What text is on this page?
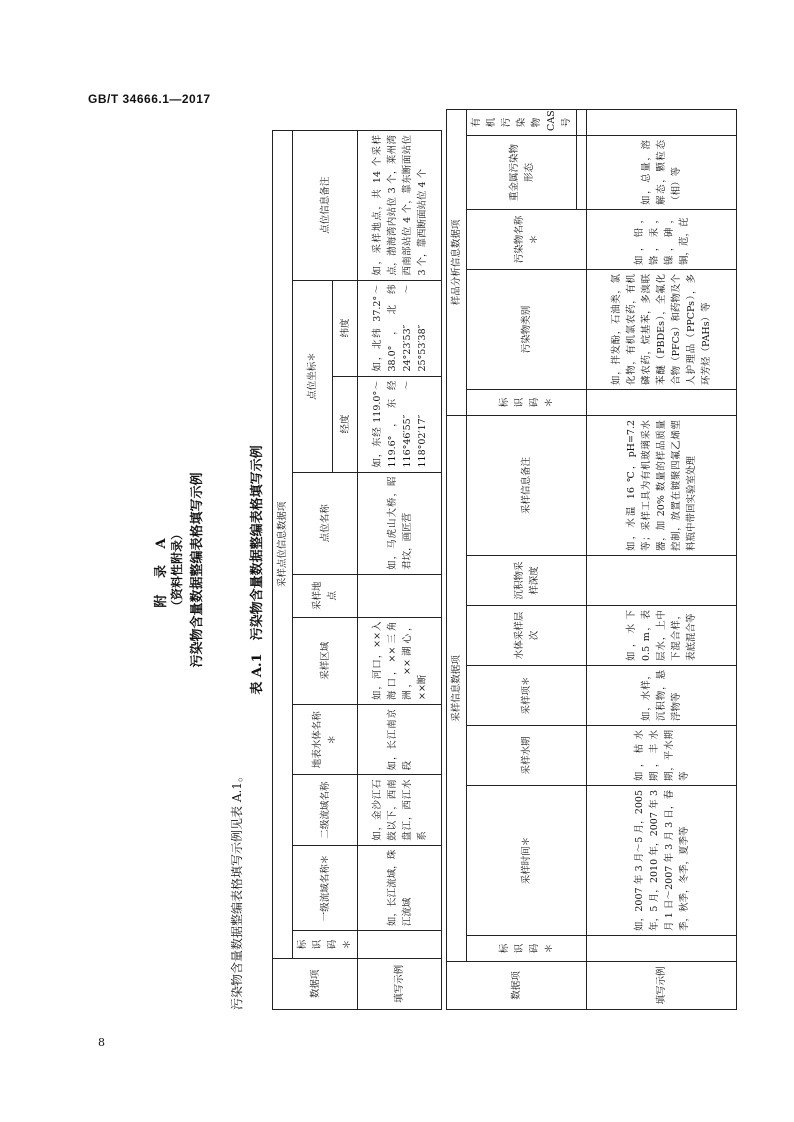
GB/T 34666.1—2017
附 录 A （资料性附录） 污染物含量数据整编表格填写示例
污染物含量数据整编表格填写示例见表 A.1。
表 A.1　污染物含量数据整编表格填写示例
数据项	采样点位信息数据项									
	标识码＊	一级流域名称＊	二级流域名称	地表水体名称＊	采样区域	采样地点	点位名称	点位坐标＊		点位信息备注

								经度	纬度	
填写示例		如，长江流域，珠江流域	如，金沙江石鼓以下，西南盘江，西江水系	如，长江南京段	如，河口，××入海口，××三角洲，××湖心，××断		如，马虎山大桥，昭君坟，画匠营	如，东经 119.0°～119.6°，东经 116°46′55″～118°02′17″	如，北纬 37.2°～38.0°，北纬 24°23′53″～25°53′38″	如，采样地点，共 14 个采样点，渤海湾内站位 3 个，莱州湾西南部站位 4 个，靠东断面站位 3 个，靠西断面站位 4 个
数据项	采样信息数据项							样品分析信息数据项				
	标识码＊	采样时间＊	采样水期	采样项＊	水体采样层次	沉积物采样深度	采样信息备注	标识码＊	污染物类别	污染物名称＊	重金属污染物形态	有机污染物 CAS 号

填写示例		如，2007 年 3 月～5 月，2005 年，5 月，2010 年，2007 年 3 月 1 日～2007 年 3 月 3 日，春季，秋季，冬季，夏季等	如，枯水期，丰水期，平水期等	如，水样，沉积物，悬浮物等	如，水下 0.5 m，表层水，上中下混合样，表底混合等		如，水温 16 ℃，pH=7.2 等；采样工具为有机玻璃采水器，加 20% 数量的样品质量控制，放置在镀聚四氟乙烯塑料瓶中带回实验室处理		如，拌发酚，石油类，氯化物，有机氯农药，有机磷农药，烷基苯，多溴联苯醚（PBDEs），全氟化合物（PFCs）和药物及个人护理品（PPCPs），多环芳烃（PAHs）等	如，铅，铬，汞，镍，砷，铜，苊，芘	如，总量，溶解态，颗粒态（相）等	
8
